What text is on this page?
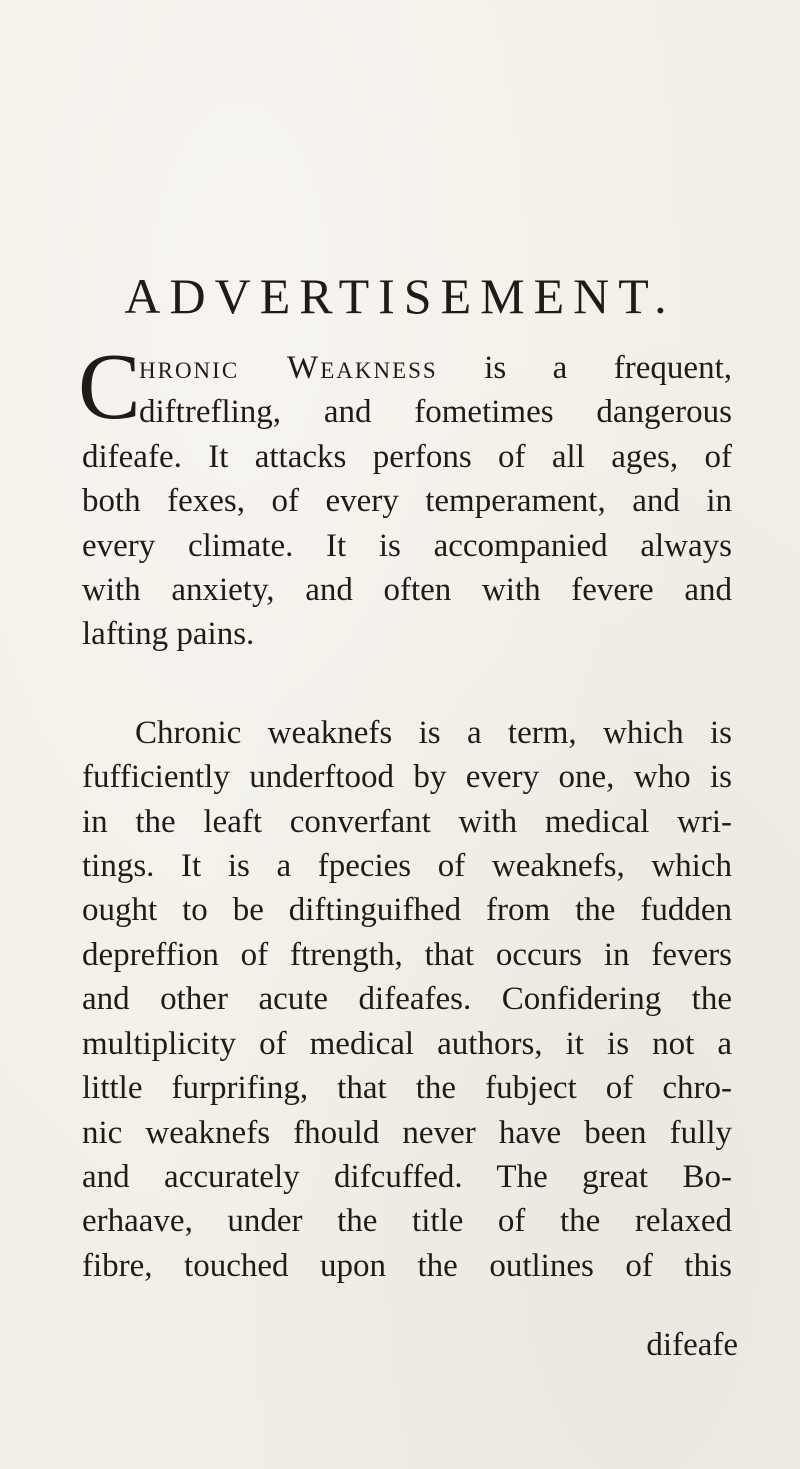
ADVERTISEMENT.
C
hronic Weakness is a frequent,
diftrefling, and fometimes dangerous
difeafe. It attacks perfons of all ages, of
both fexes, of every temperament, and in
every climate. It is accompanied always
with anxiety, and often with fevere and
lafting pains.
Chronic weaknefs is a term, which is
fufficiently underftood by every one, who is
in the leaft converfant with medical wri-
tings. It is a fpecies of weaknefs, which
ought to be diftinguifhed from the fudden
depreffion of ftrength, that occurs in fevers
and other acute difeafes. Confidering the
multiplicity of medical authors, it is not a
little furprifing, that the fubject of chro-
nic weaknefs fhould never have been fully
and accurately difcuffed. The great Bo-
erhaave, under the title of the relaxed
fibre, touched upon the outlines of this
difeafe
